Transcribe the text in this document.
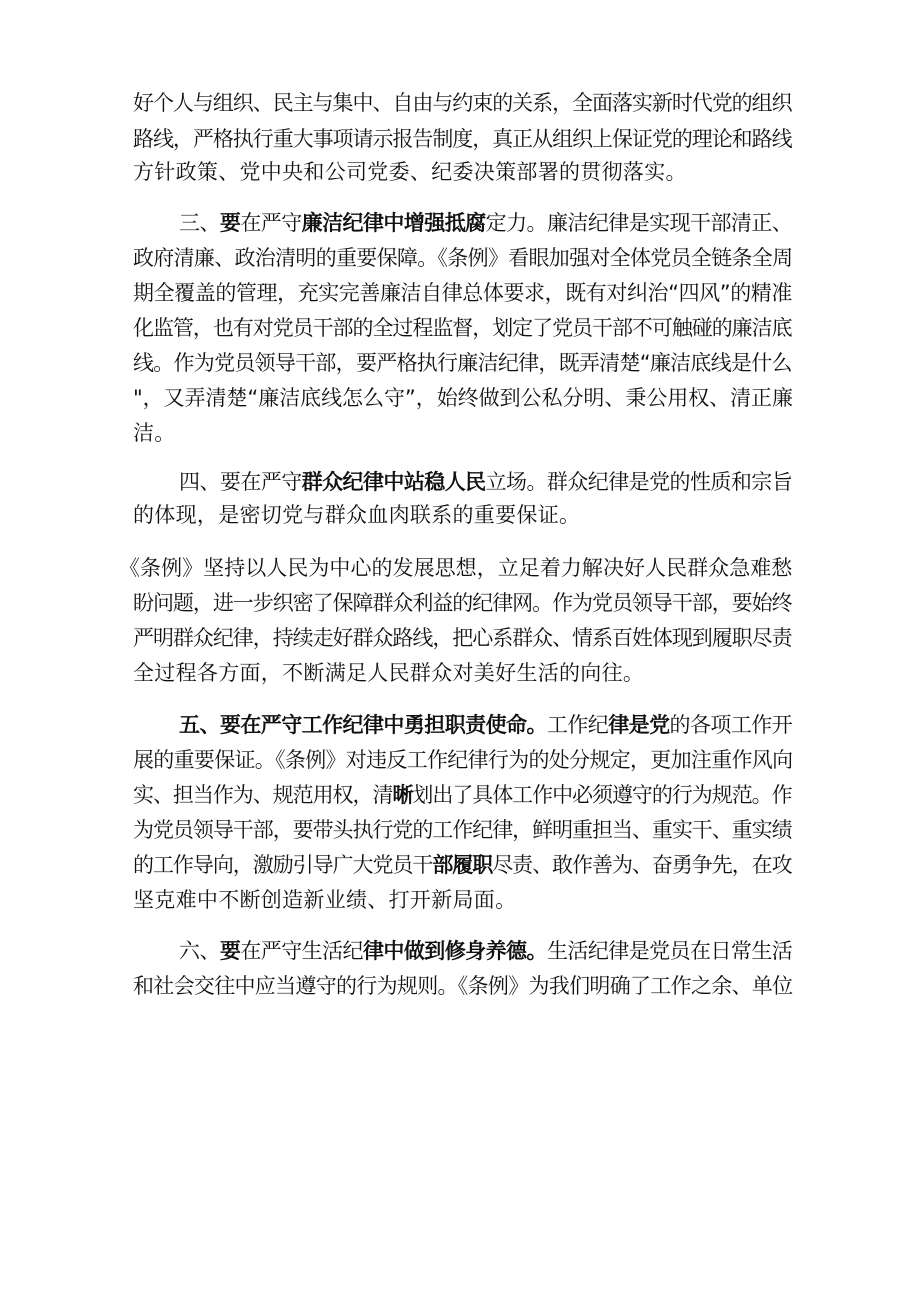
好个人与组织、民主与集中、自由与约束的关系，全面落实新时代党的组织
路线，严格执行重大事项请示报告制度，真正从组织上保证党的理论和路线
方针政策、党中央和公司党委、纪委决策部署的贯彻落实。
三、要在严守廉洁纪律中增强抵腐定力。廉洁纪律是实现干部清正、
政府清廉、政治清明的重要保障。《条例》看眼加强对全体党员全链条全周
期全覆盖的管理，充实完善廉洁自律总体要求，既有对纠治“四风”的精准
化监管，也有对党员干部的全过程监督，划定了党员干部不可触碰的廉洁底
线。作为党员领导干部，要严格执行廉洁纪律，既弄清楚“廉洁底线是什么
"，又弄清楚“廉洁底线怎么守”，始终做到公私分明、秉公用权、清正廉
洁。
四、要在严守群众纪律中站稳人民立场。群众纪律是党的性质和宗旨
的体现，是密切党与群众血肉联系的重要保证。
《条例》坚持以人民为中心的发展思想，立足着力解决好人民群众急难愁
盼问题，进一步织密了保障群众利益的纪律网。作为党员领导干部，要始终
严明群众纪律，持续走好群众路线，把心系群众、情系百姓体现到履职尽责
全过程各方面，不断满足人民群众对美好生活的向往。
五、要在严守工作纪律中勇担职责使命。工作纪律是党的各项工作开
展的重要保证。《条例》对违反工作纪律行为的处分规定，更加注重作风向
实、担当作为、规范用权，清晰划出了具体工作中必须遵守的行为规范。作
为党员领导干部，要带头执行党的工作纪律，鲜明重担当、重实干、重实绩
的工作导向，激励引导广大党员干部履职尽责、敢作善为、奋勇争先，在攻
坚克难中不断创造新业绩、打开新局面。
六、要在严守生活纪律中做到修身养德。生活纪律是党员在日常生活
和社会交往中应当遵守的行为规则。《条例》为我们明确了工作之余、单位
